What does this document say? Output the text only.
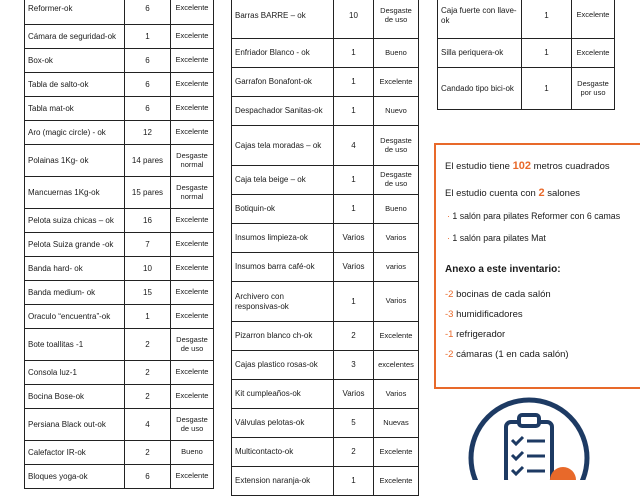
Reformer-ok	6	Excelente
Cámara de seguridad-ok	1	Excelente
Box-ok	6	Excelente
Tabla de salto-ok	6	Excelente
Tabla mat-ok	6	Excelente
Aro (magic circle) - ok	12	Excelente
Polainas 1Kg- ok	14 pares	Desgaste normal
Mancuernas 1Kg-ok	15 pares	Desgaste normal
Pelota suiza chicas – ok	16	Excelente
Pelota Suiza grande -ok	7	Excelente
Banda hard- ok	10	Excelente
Banda medium- ok	15	Excelente
Oraculo “encuentra”-ok	1	Excelente
Bote toallitas -1	2	Desgaste de uso
Consola luz-1	2	Excelente
Bocina Bose-ok	2	Excelente
Persiana Black out-ok	4	Desgaste de uso
Calefactor IR-ok	2	Bueno
Bloques yoga-ok	6	Excelente
Barras BARRE – ok	10	Desgaste de uso
Enfriador Blanco - ok	1	Bueno
Garrafon Bonafont-ok	1	Excelente
Despachador Sanitas-ok	1	Nuevo
Cajas tela moradas – ok	4	Desgaste de uso
Caja tela beige – ok	1	Desgaste de uso
Botiquin-ok	1	Bueno
Insumos limpieza-ok	Varios	Varios
Insumos barra café-ok	Varios	varios
Archivero con responsivas-ok	1	Varios
Pizarron blanco ch-ok	2	Excelente
Cajas plastico rosas-ok	3	excelentes
Kit cumpleaños-ok	Varios	Varios
Válvulas pelotas-ok	5	Nuevas
Multicontacto-ok	2	Excelente
Extension naranja-ok	1	Excelente
Caja fuerte con llave-ok	1	Excelente
Silla periquera-ok	1	Excelente
Candado tipo bici-ok	1	Desgaste por uso
El estudio tiene 102 metros cuadrados
El estudio cuenta con 2 salones
· 1 salón para pilates Reformer con 6 camas
· 1 salón para pilates Mat
Anexo a este inventario:
-2 bocinas de cada salón
-3 humidificadores
-1 refrigerador
-2 cámaras (1 en cada salón)
